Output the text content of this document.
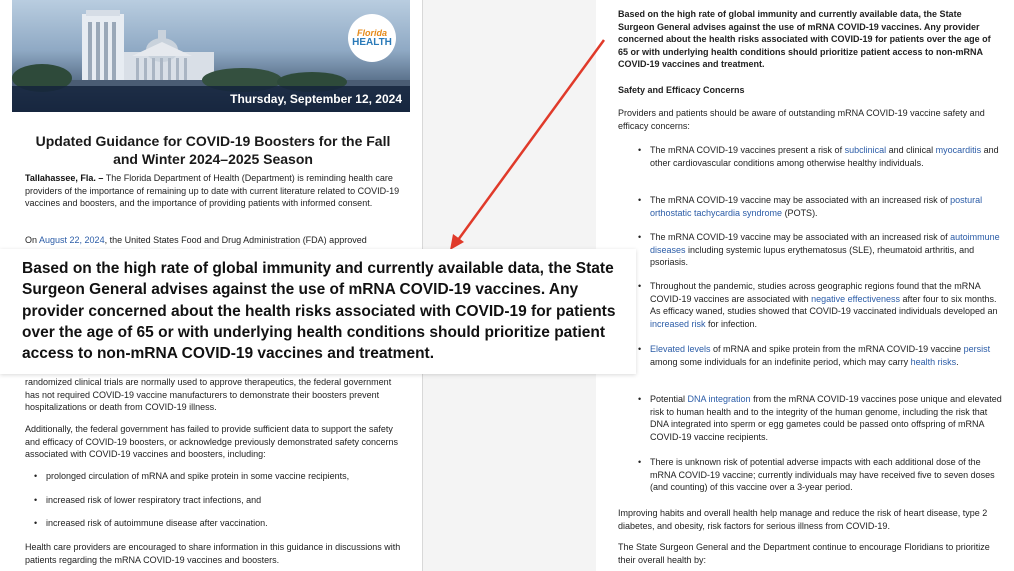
Florida
HEALTH
Thursday, September 12, 2024
Updated Guidance for COVID-19 Boosters for the Fall and Winter 2024–2025 Season
Tallahassee, Fla. – The Florida Department of Health (Department) is reminding health care providers of the importance of remaining up to date with current literature related to COVID-19 vaccines and boosters, and the importance of providing patients with informed consent.
On August 22, 2024, the United States Food and Drug Administration (FDA) approved
randomized clinical trials are normally used to approve therapeutics, the federal government has not required COVID-19 vaccine manufacturers to demonstrate their boosters prevent hospitalizations or death from COVID-19 illness.
Additionally, the federal government has failed to provide sufficient data to support the safety and efficacy of COVID-19 boosters, or acknowledge previously demonstrated safety concerns associated with COVID-19 vaccines and boosters, including:
• prolonged circulation of mRNA and spike protein in some vaccine recipients,
• increased risk of lower respiratory tract infections, and
• increased risk of autoimmune disease after vaccination.
Health care providers are encouraged to share information in this guidance in discussions with patients regarding the mRNA COVID-19 vaccines and boosters.
Based on the high rate of global immunity and currently available data, the State Surgeon General advises against the use of mRNA COVID-19 vaccines. Any provider concerned about the health risks associated with COVID-19 for patients over the age of 65 or with underlying health conditions should prioritize patient access to non-mRNA COVID-19 vaccines and treatment.
Safety and Efficacy Concerns
Providers and patients should be aware of outstanding mRNA COVID-19 vaccine safety and efficacy concerns:
• The mRNA COVID-19 vaccines present a risk of subclinical and clinical myocarditis and other cardiovascular conditions among otherwise healthy individuals.
• The mRNA COVID-19 vaccine may be associated with an increased risk of postural orthostatic tachycardia syndrome (POTS).
• The mRNA COVID-19 vaccine may be associated with an increased risk of autoimmune diseases including systemic lupus erythematosus (SLE), rheumatoid arthritis, and psoriasis.
• Throughout the pandemic, studies across geographic regions found that the mRNA COVID-19 vaccines are associated with negative effectiveness after four to six months. As efficacy waned, studies showed that COVID-19 vaccinated individuals developed an increased risk for infection.
• Elevated levels of mRNA and spike protein from the mRNA COVID-19 vaccine persist among some individuals for an indefinite period, which may carry health risks.
• Potential DNA integration from the mRNA COVID-19 vaccines pose unique and elevated risk to human health and to the integrity of the human genome, including the risk that DNA integrated into sperm or egg gametes could be passed onto offspring of mRNA COVID-19 vaccine recipients.
• There is unknown risk of potential adverse impacts with each additional dose of the mRNA COVID-19 vaccine; currently individuals may have received five to seven doses (and counting) of this vaccine over a 3-year period.
Improving habits and overall health help manage and reduce the risk of heart disease, type 2 diabetes, and obesity, risk factors for serious illness from COVID-19.
The State Surgeon General and the Department continue to encourage Floridians to prioritize their overall health by:
Based on the high rate of global immunity and currently available data, the State Surgeon General advises against the use of mRNA COVID-19 vaccines. Any provider concerned about the health risks associated with COVID-19 for patients over the age of 65 or with underlying health conditions should prioritize patient access to non-mRNA COVID-19 vaccines and treatment.
